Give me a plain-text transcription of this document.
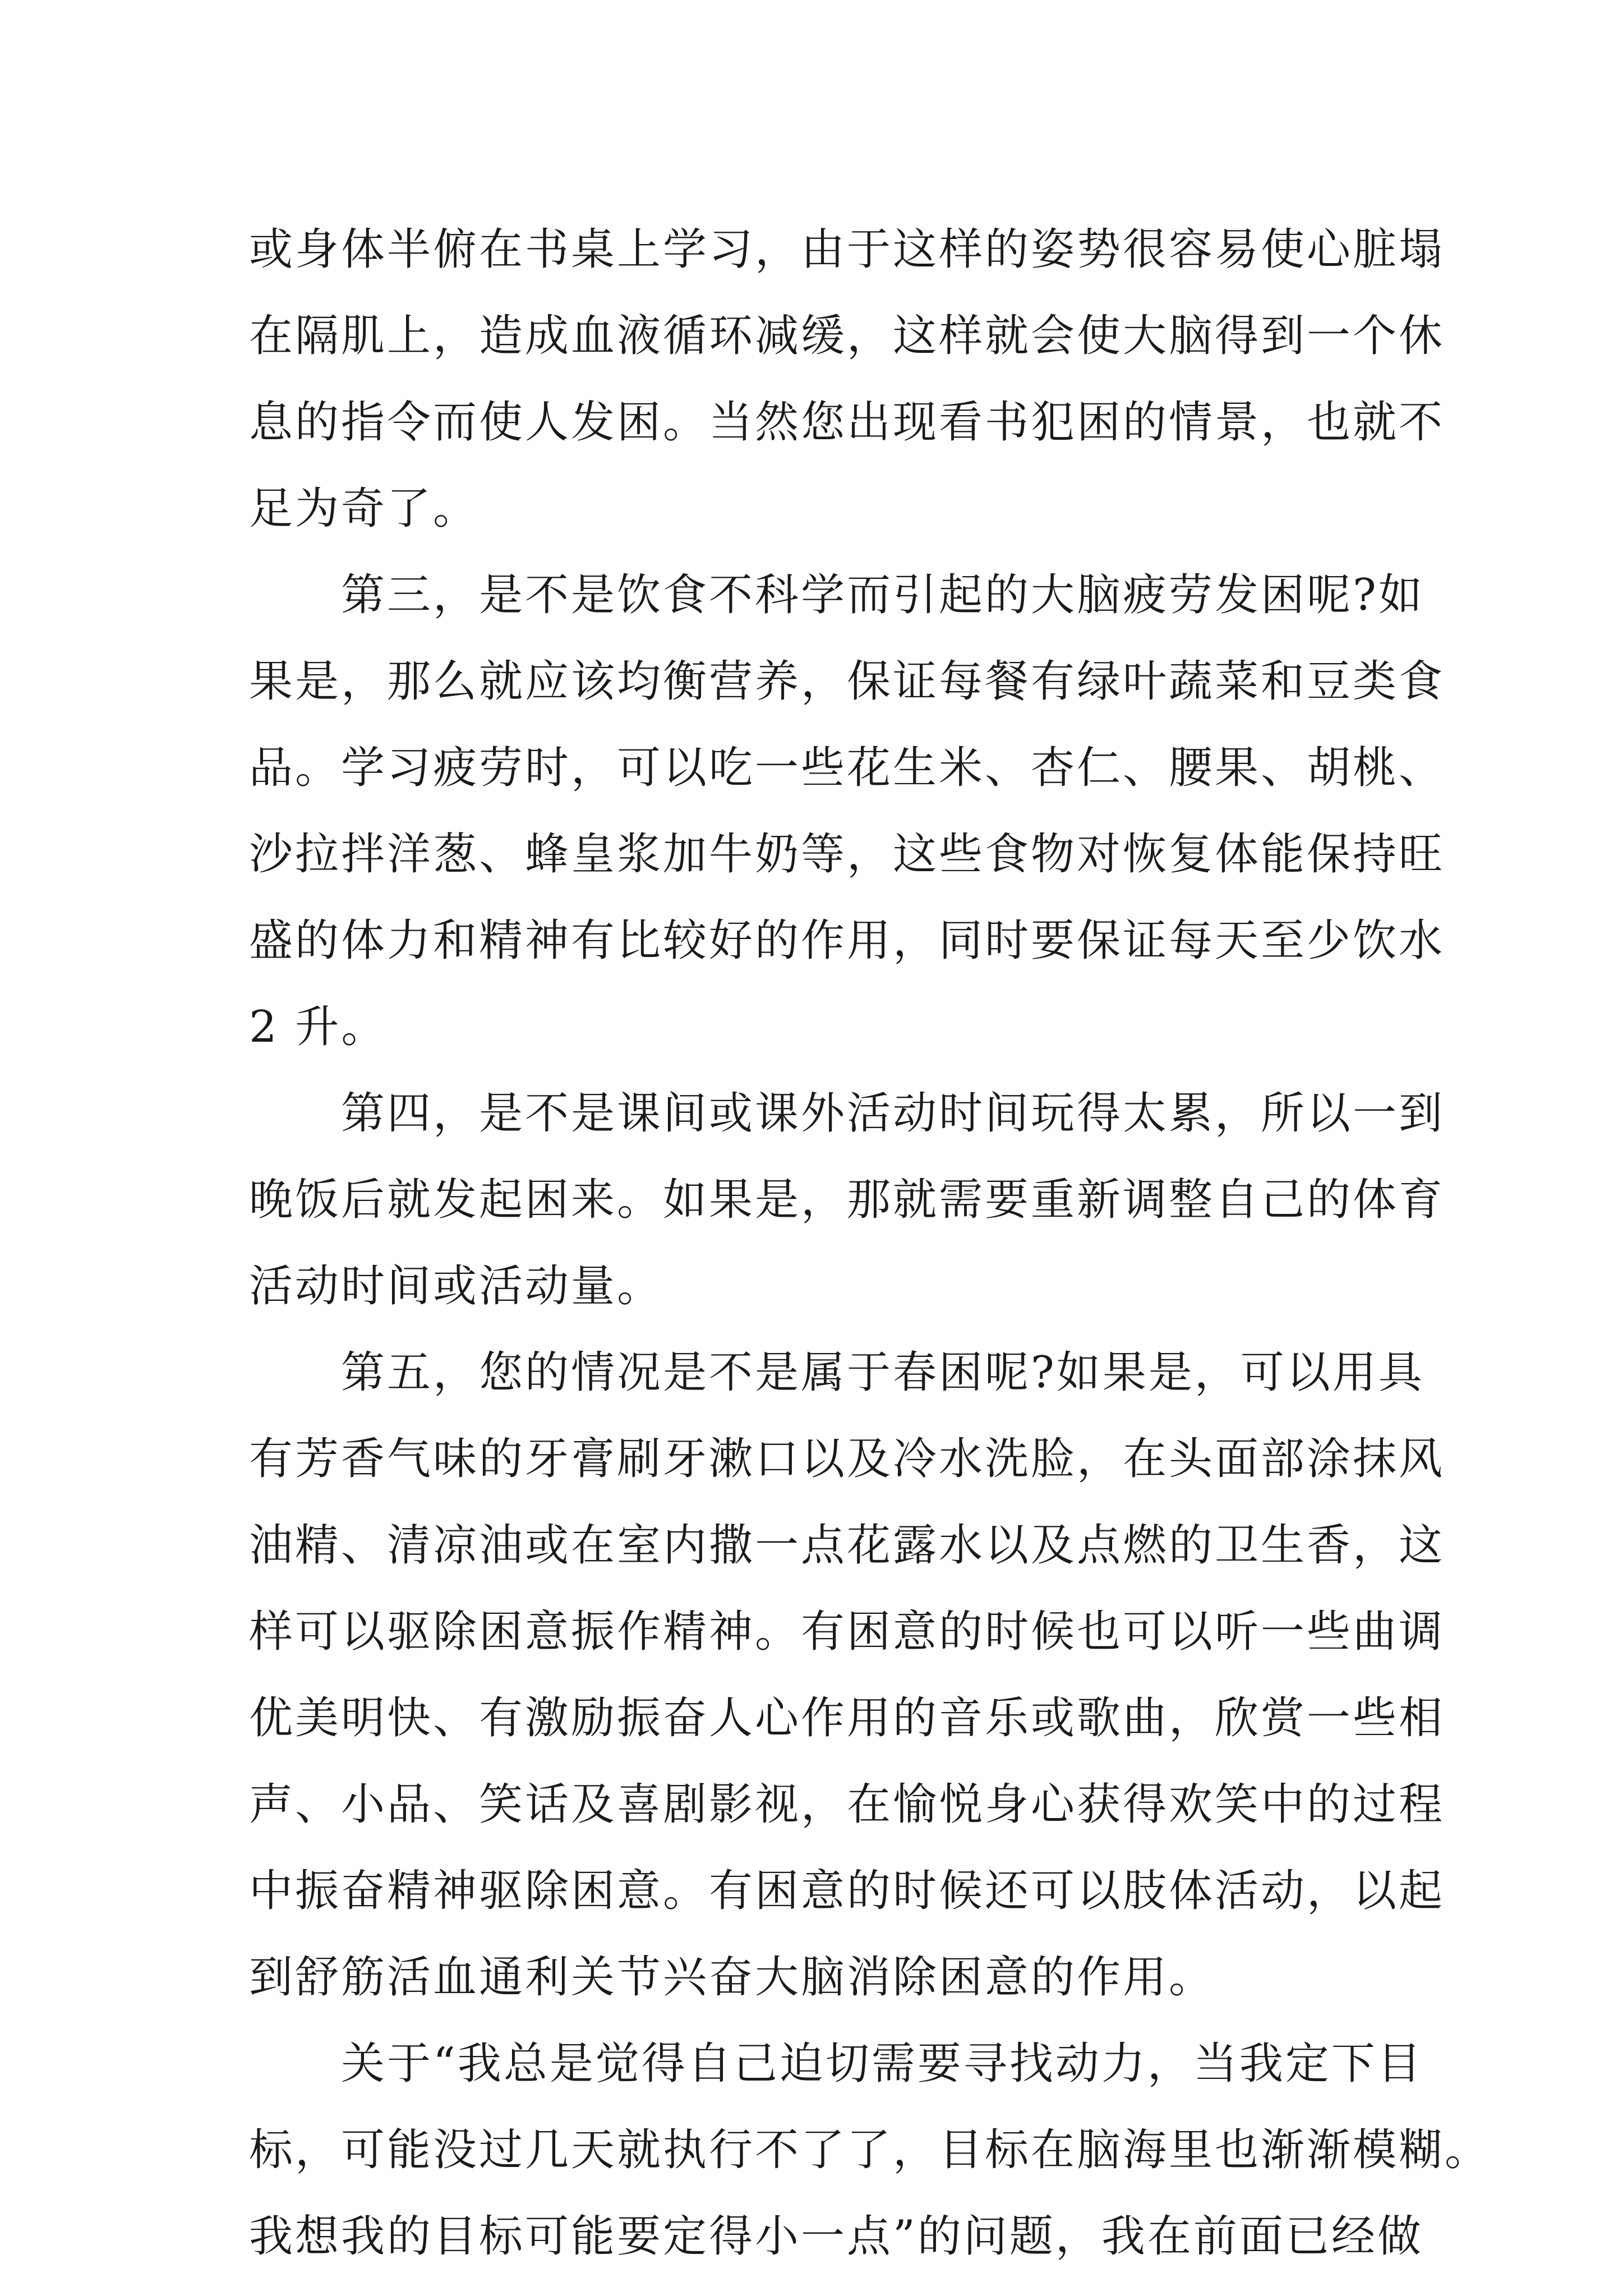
或身体半俯在书桌上学习，由于这样的姿势很容易使心脏塌
在隔肌上，造成血液循环减缓，这样就会使大脑得到一个休
息的指令而使人发困。当然您出现看书犯困的情景，也就不
足为奇了。
　　第三，是不是饮食不科学而引起的大脑疲劳发困呢?如
果是，那么就应该均衡营养，保证每餐有绿叶蔬菜和豆类食
品。学习疲劳时，可以吃一些花生米、杏仁、腰果、胡桃、
沙拉拌洋葱、蜂皇浆加牛奶等，这些食物对恢复体能保持旺
盛的体力和精神有比较好的作用，同时要保证每天至少饮水
2 升。
　　第四，是不是课间或课外活动时间玩得太累，所以一到
晚饭后就发起困来。如果是，那就需要重新调整自己的体育
活动时间或活动量。
　　第五，您的情况是不是属于春困呢?如果是，可以用具
有芳香气味的牙膏刷牙漱口以及冷水洗脸，在头面部涂抹风
油精、清凉油或在室内撒一点花露水以及点燃的卫生香，这
样可以驱除困意振作精神。有困意的时候也可以听一些曲调
优美明快、有激励振奋人心作用的音乐或歌曲，欣赏一些相
声、小品、笑话及喜剧影视，在愉悦身心获得欢笑中的过程
中振奋精神驱除困意。有困意的时候还可以肢体活动，以起
到舒筋活血通利关节兴奋大脑消除困意的作用。
　　关于“我总是觉得自己迫切需要寻找动力，当我定下目
标，可能没过几天就执行不了了，目标在脑海里也渐渐模糊。
我想我的目标可能要定得小一点”的问题，我在前面已经做
